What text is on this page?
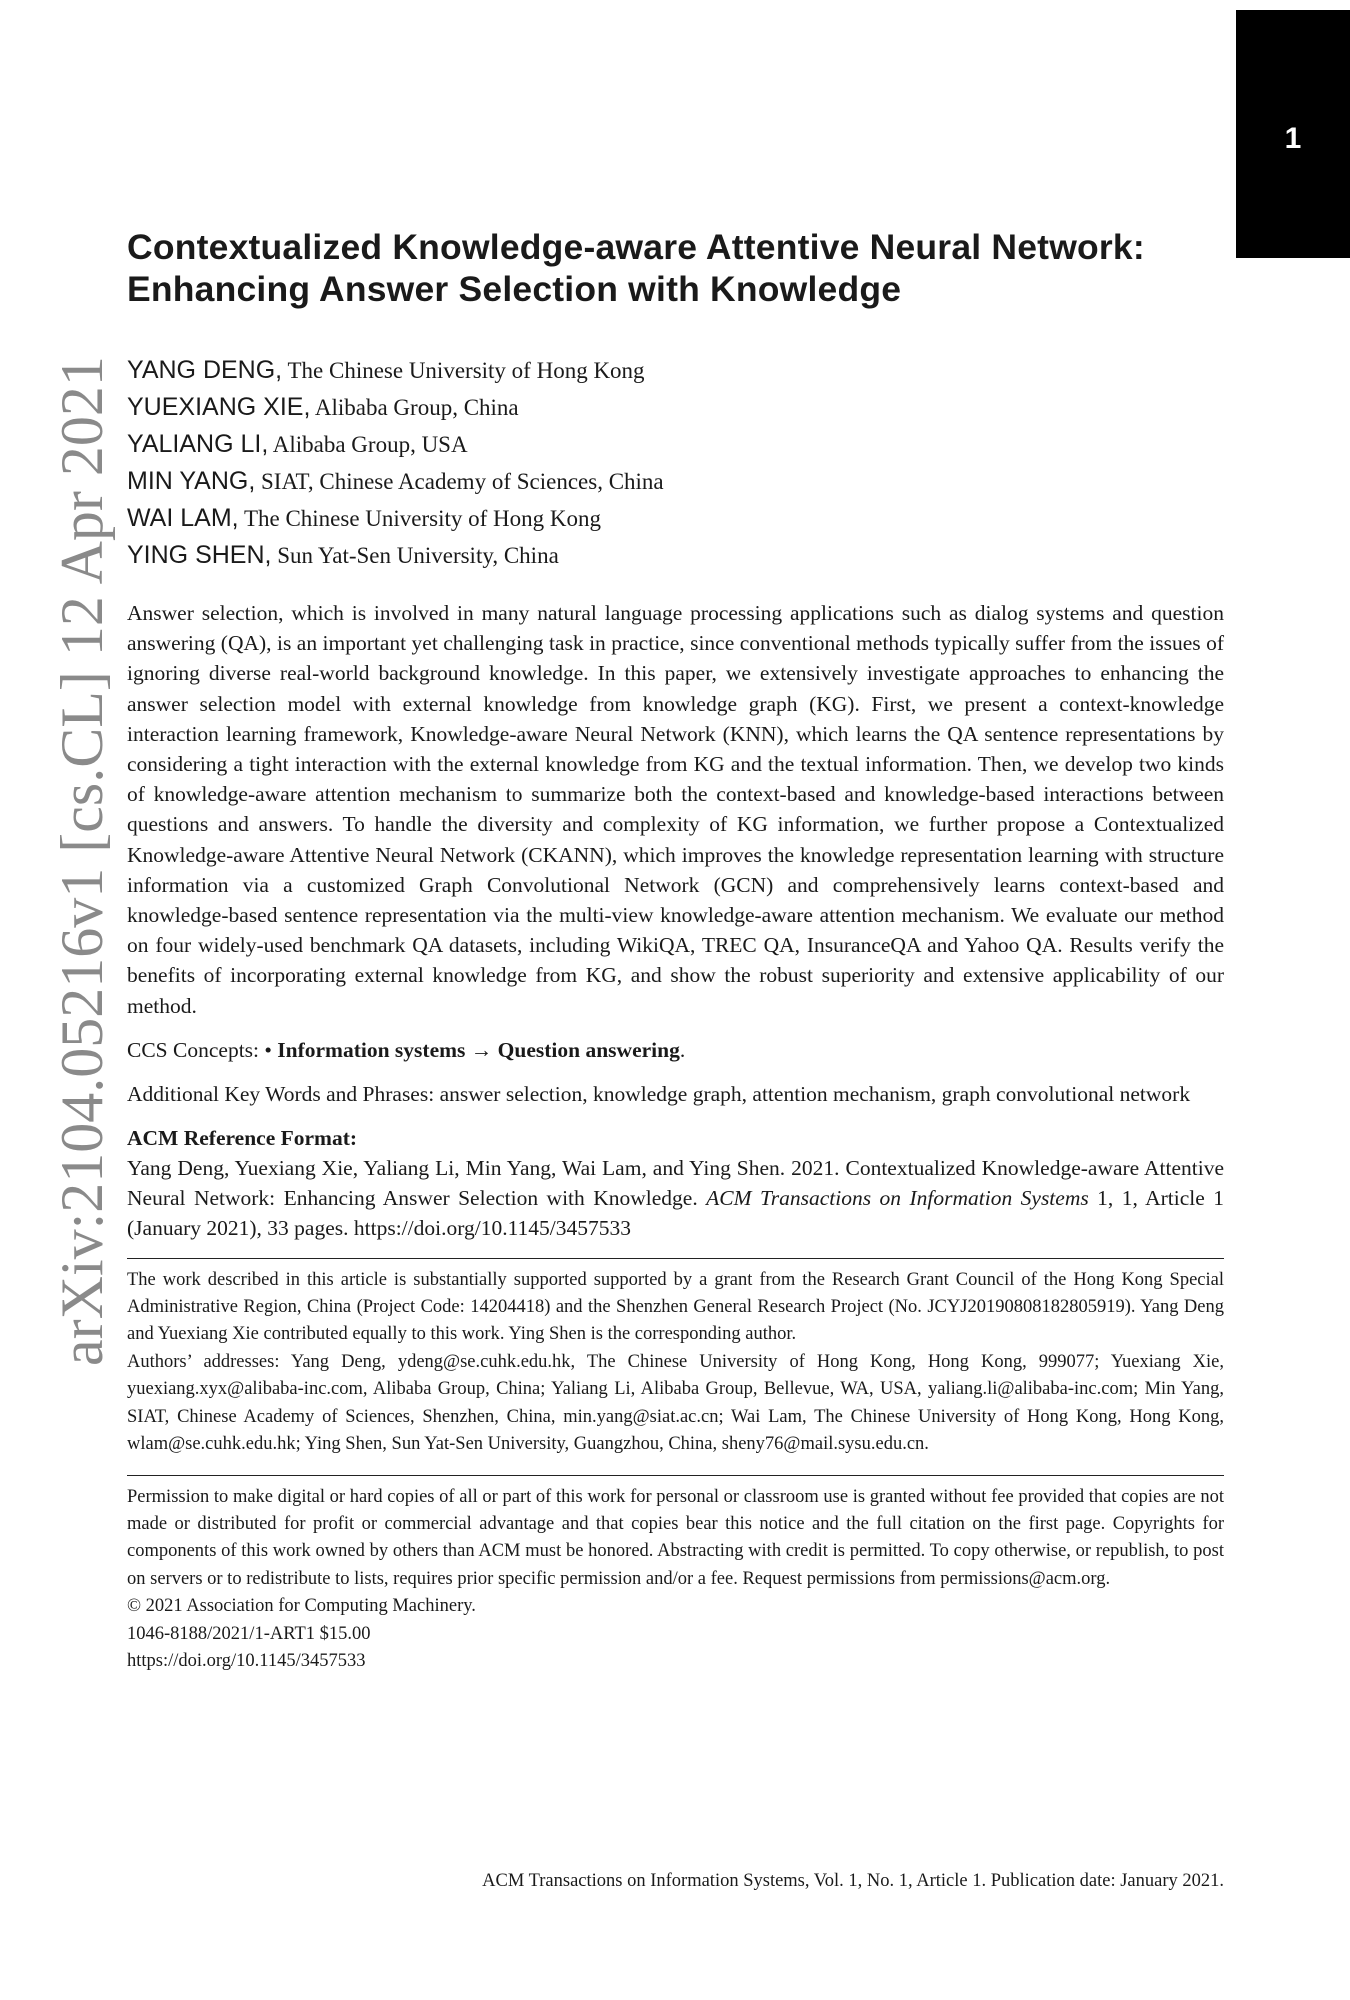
1
arXiv:2104.05216v1 [cs.CL] 12 Apr 2021
Contextualized Knowledge-aware Attentive Neural Network: Enhancing Answer Selection with Knowledge
YANG DENG, The Chinese University of Hong Kong
YUEXIANG XIE, Alibaba Group, China
YALIANG LI, Alibaba Group, USA
MIN YANG, SIAT, Chinese Academy of Sciences, China
WAI LAM, The Chinese University of Hong Kong
YING SHEN, Sun Yat-Sen University, China

Answer selection, which is involved in many natural language processing applications such as dialog systems and question answering (QA), is an important yet challenging task in practice, since conventional methods typically suffer from the issues of ignoring diverse real-world background knowledge. In this paper, we extensively investigate approaches to enhancing the answer selection model with external knowledge from knowledge graph (KG). First, we present a context-knowledge interaction learning framework, Knowledge-aware Neural Network (KNN), which learns the QA sentence representations by considering a tight interaction with the external knowledge from KG and the textual information. Then, we develop two kinds of knowledge-aware attention mechanism to summarize both the context-based and knowledge-based interactions between questions and answers. To handle the diversity and complexity of KG information, we further propose a Contextualized Knowledge-aware Attentive Neural Network (CKANN), which improves the knowledge representation learning with structure information via a customized Graph Convolutional Network (GCN) and comprehensively learns context-based and knowledge-based sentence representation via the multi-view knowledge-aware attention mechanism. We evaluate our method on four widely-used benchmark QA datasets, including WikiQA, TREC QA, InsuranceQA and Yahoo QA. Results verify the benefits of incorporating external knowledge from KG, and show the robust superiority and extensive applicability of our method.

CCS Concepts: • Information systems → Question answering.
Additional Key Words and Phrases: answer selection, knowledge graph, attention mechanism, graph convolutional network
ACM Reference Format:
Yang Deng, Yuexiang Xie, Yaliang Li, Min Yang, Wai Lam, and Ying Shen. 2021. Contextualized Knowledge-aware Attentive Neural Network: Enhancing Answer Selection with Knowledge. ACM Transactions on Information Systems 1, 1, Article 1 (January 2021), 33 pages. https://doi.org/10.1145/3457533
The work described in this article is substantially supported supported by a grant from the Research Grant Council of the Hong Kong Special Administrative Region, China (Project Code: 14204418) and the Shenzhen General Research Project (No. JCYJ20190808182805919). Yang Deng and Yuexiang Xie contributed equally to this work. Ying Shen is the corresponding author.
Authors’ addresses: Yang Deng, ydeng@se.cuhk.edu.hk, The Chinese University of Hong Kong, Hong Kong, 999077; Yuexiang Xie, yuexiang.xyx@alibaba-inc.com, Alibaba Group, China; Yaliang Li, Alibaba Group, Bellevue, WA, USA, yaliang.li@alibaba-inc.com; Min Yang, SIAT, Chinese Academy of Sciences, Shenzhen, China, min.yang@siat.ac.cn; Wai Lam, The Chinese University of Hong Kong, Hong Kong, wlam@se.cuhk.edu.hk; Ying Shen, Sun Yat-Sen University, Guangzhou, China, sheny76@mail.sysu.edu.cn.
Permission to make digital or hard copies of all or part of this work for personal or classroom use is granted without fee provided that copies are not made or distributed for profit or commercial advantage and that copies bear this notice and the full citation on the first page. Copyrights for components of this work owned by others than ACM must be honored. Abstracting with credit is permitted. To copy otherwise, or republish, to post on servers or to redistribute to lists, requires prior specific permission and/or a fee. Request permissions from permissions@acm.org.
© 2021 Association for Computing Machinery.
1046-8188/2021/1-ART1 $15.00
https://doi.org/10.1145/3457533
ACM Transactions on Information Systems, Vol. 1, No. 1, Article 1. Publication date: January 2021.
